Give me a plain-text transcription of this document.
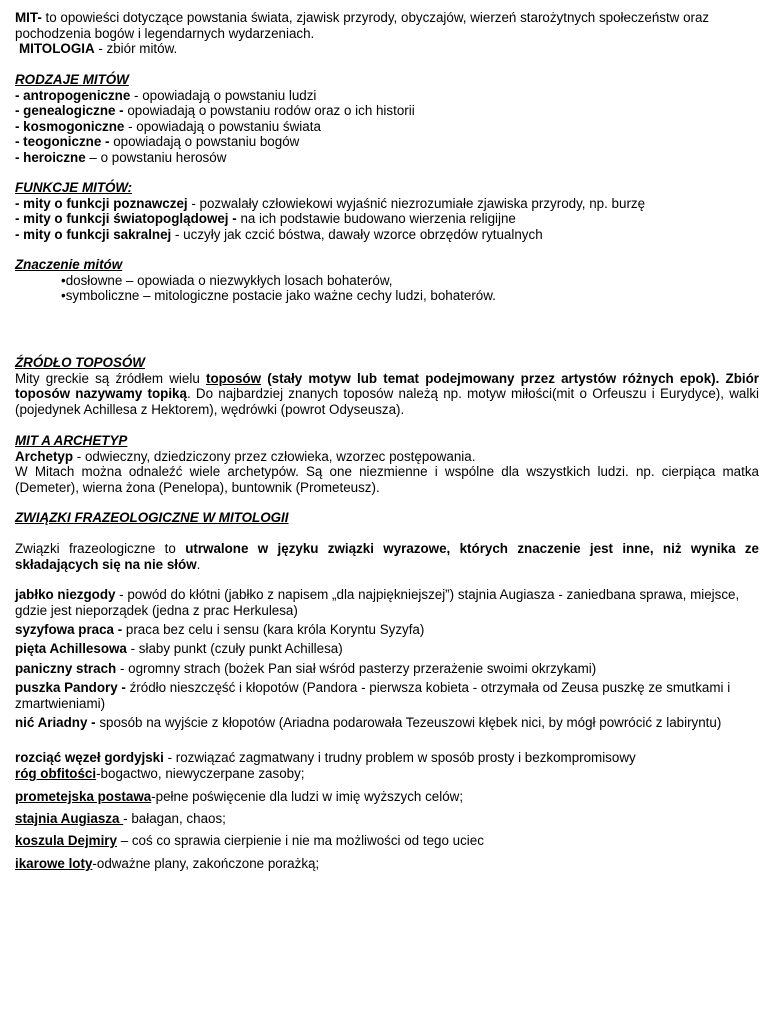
MIT- to opowieści dotyczące powstania świata, zjawisk przyrody, obyczajów, wierzeń starożytnych społeczeństw oraz pochodzenia bogów i legendarnych wydarzeniach.
MITOLOGIA - zbiór mitów.
RODZAJE MITÓW
- antropogeniczne - opowiadają o powstaniu ludzi
- genealogiczne - opowiadają o powstaniu rodów oraz o ich historii
- kosmogoniczne - opowiadają o powstaniu świata
- teogoniczne - opowiadają o powstaniu bogów
- heroiczne – o powstaniu herosów
FUNKCJE MITÓW:
- mity o funkcji poznawczej - pozwalały człowiekowi wyjaśnić niezrozumiałe zjawiska przyrody, np. burzę
- mity o funkcji światopoglądowej - na ich podstawie budowano wierzenia religijne
- mity o funkcji sakralnej - uczyły jak czcić bóstwa, dawały wzorce obrzędów rytualnych
Znaczenie mitów
•dosłowne – opowiada o niezwykłych losach bohaterów,
•symboliczne – mitologiczne postacie jako ważne cechy ludzi, bohaterów.
ŹRÓDŁO TOPOSÓW
Mity greckie są źródłem wielu toposów (stały motyw lub temat podejmowany przez artystów różnych epok). Zbiór toposów nazywamy topiką. Do najbardziej znanych toposów należą np. motyw miłości(mit o Orfeuszu i Eurydyce), walki (pojedynek Achillesa z Hektorem), wędrówki (powrot Odyseusza).
MIT A ARCHETYP
Archetyp - odwieczny, dziedziczony przez człowieka, wzorzec postępowania.
W Mitach można odnaleźć wiele archetypów. Są one niezmienne i wspólne dla wszystkich ludzi. np. cierpiąca matka (Demeter), wierna żona (Penelopa), buntownik (Prometeusz).
ZWIĄZKI FRAZEOLOGICZNE W MITOLOGII
Związki frazeologiczne to utrwalone w języku związki wyrazowe, których znaczenie jest inne, niż wynika ze składających się na nie słów.
jabłko niezgody - powód do kłótni (jabłko z napisem „dla najpiękniejszej”) stajnia Augiasza - zaniedbana sprawa, miejsce, gdzie jest nieporządek (jedna z prac Herkulesa)
syzyfowa praca - praca bez celu i sensu (kara króla Koryntu Syzyfa)
pięta Achillesowa - słaby punkt (czuły punkt Achillesa)
paniczny strach - ogromny strach (bożek Pan siał wśród pasterzy przerażenie swoimi okrzykami)
puszka Pandory - źródło nieszczęść i kłopotów (Pandora - pierwsza kobieta - otrzymała od Zeusa puszkę ze smutkami i zmartwieniami)
nić Ariadny - sposób na wyjście z kłopotów (Ariadna podarowała Tezeuszowi kłębek nici, by mógł powrócić z labiryntu)
rozciąć węzeł gordyjski - rozwiązać zagmatwany i trudny problem w sposób prosty i bezkompromisowy
róg obfitości-bogactwo, niewyczerpane zasoby;
prometejska postawa-pełne poświęcenie dla ludzi w imię wyższych celów;
stajnia Augiasza - bałagan, chaos;
koszula Dejmiry – coś co sprawia cierpienie i nie ma możliwości od tego uciec
ikarowe loty-odważne plany, zakończone porażką;
